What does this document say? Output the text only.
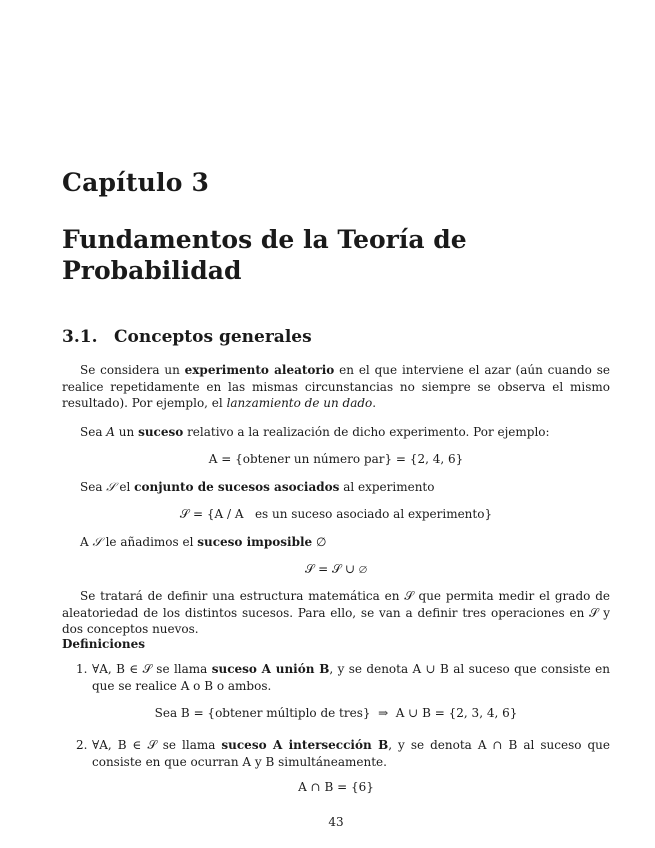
Capítulo 3
Fundamentos de la Teoría de Probabilidad
3.1. Conceptos generales
Se considera un experimento aleatorio en el que interviene el azar (aún cuando se realice repetidamente en las mismas circunstancias no siempre se observa el mismo resultado). Por ejemplo, el lanzamiento de un dado.
Sea A un suceso relativo a la realización de dicho experimento. Por ejemplo:
A = {obtener un número par} = {2, 4, 6}
Sea 𝒮 el conjunto de sucesos asociados al experimento
𝒮 = {A / A   es un suceso asociado al experimento}
A 𝒮 le añadimos el suceso imposible ∅
𝒮 = 𝒮 ∪ ∅
Se tratará de definir una estructura matemática en 𝒮 que permita medir el grado de aleatoriedad de los distintos sucesos. Para ello, se van a definir tres operaciones en 𝒮 y dos conceptos nuevos.
Definiciones
1. ∀A, B ∈ 𝒮 se llama suceso A unión B, y se denota A ∪ B al suceso que consiste en que se realice A o B o ambos.
Sea B = {obtener múltiplo de tres}  ⇒  A ∪ B = {2, 3, 4, 6}
2. ∀A, B ∈ 𝒮 se llama suceso A intersección B, y se denota A ∩ B al suceso que consiste en que ocurran A y B simultáneamente.
A ∩ B = {6}
43
